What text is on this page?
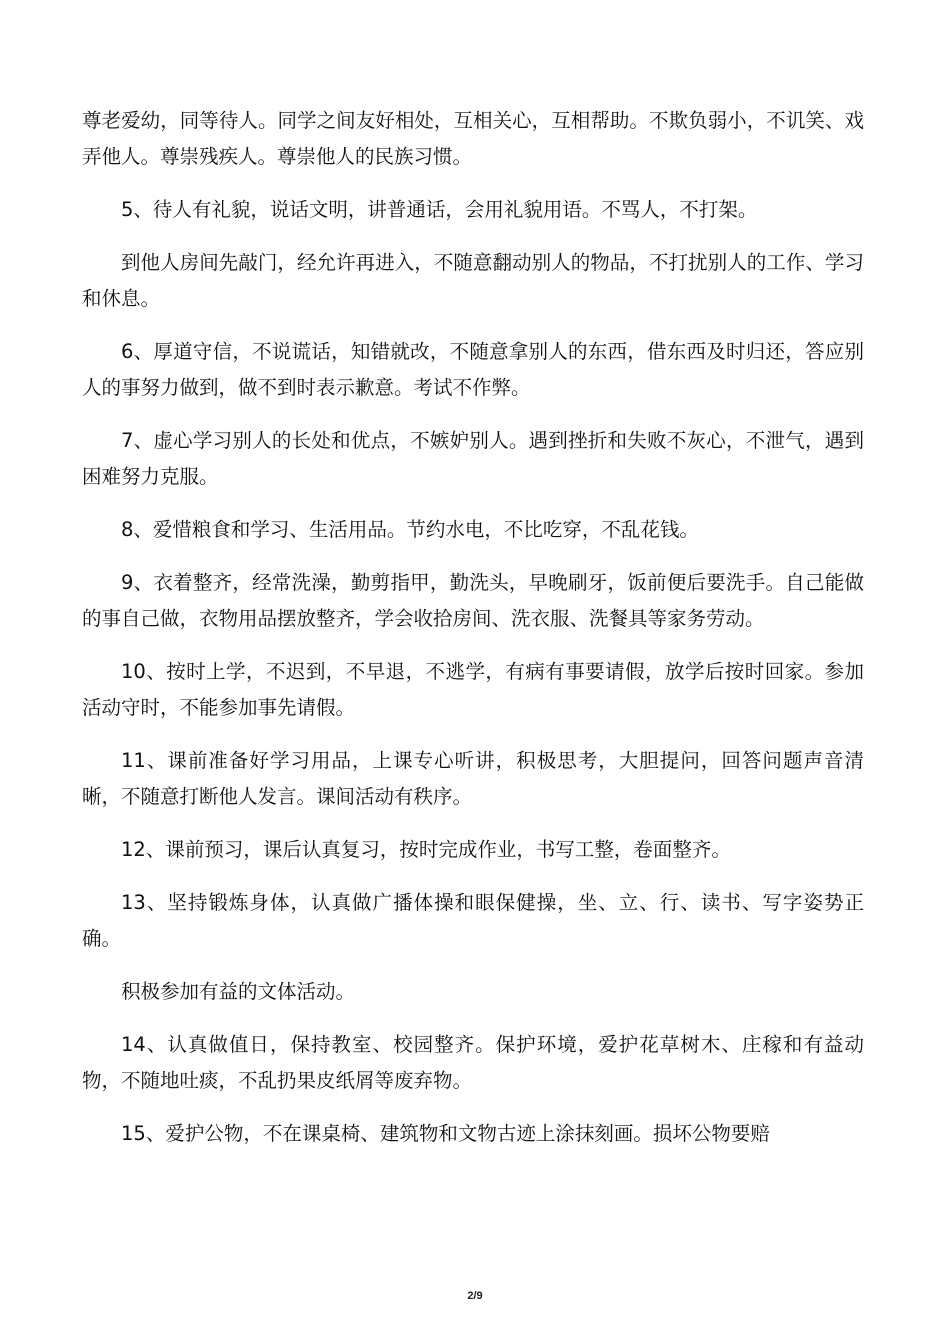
尊老爱幼，同等待人。同学之间友好相处，互相关心，互相帮助。不欺负弱小，不讥笑、戏弄他人。尊崇残疾人。尊崇他人的民族习惯。

5、待人有礼貌，说话文明，讲普通话，会用礼貌用语。不骂人，不打架。

到他人房间先敲门，经允许再进入，不随意翻动别人的物品，不打扰别人的工作、学习和休息。

6、厚道守信，不说谎话，知错就改，不随意拿别人的东西，借东西及时归还，答应别人的事努力做到，做不到时表示歉意。考试不作弊。

7、虚心学习别人的长处和优点，不嫉妒别人。遇到挫折和失败不灰心，不泄气，遇到困难努力克服。

8、爱惜粮食和学习、生活用品。节约水电，不比吃穿，不乱花钱。

9、衣着整齐，经常洗澡，勤剪指甲，勤洗头，早晚刷牙，饭前便后要洗手。自己能做的事自己做，衣物用品摆放整齐，学会收拾房间、洗衣服、洗餐具等家务劳动。

10、按时上学，不迟到，不早退，不逃学，有病有事要请假，放学后按时回家。参加活动守时，不能参加事先请假。

11、课前准备好学习用品，上课专心听讲，积极思考，大胆提问，回答问题声音清晰，不随意打断他人发言。课间活动有秩序。

12、课前预习，课后认真复习，按时完成作业，书写工整，卷面整齐。

13、坚持锻炼身体，认真做广播体操和眼保健操，坐、立、行、读书、写字姿势正确。

积极参加有益的文体活动。

14、认真做值日，保持教室、校园整齐。保护环境，爱护花草树木、庄稼和有益动物，不随地吐痰，不乱扔果皮纸屑等废弃物。

15、爱护公物，不在课桌椅、建筑物和文物古迹上涂抹刻画。损坏公物要赔

2/9
